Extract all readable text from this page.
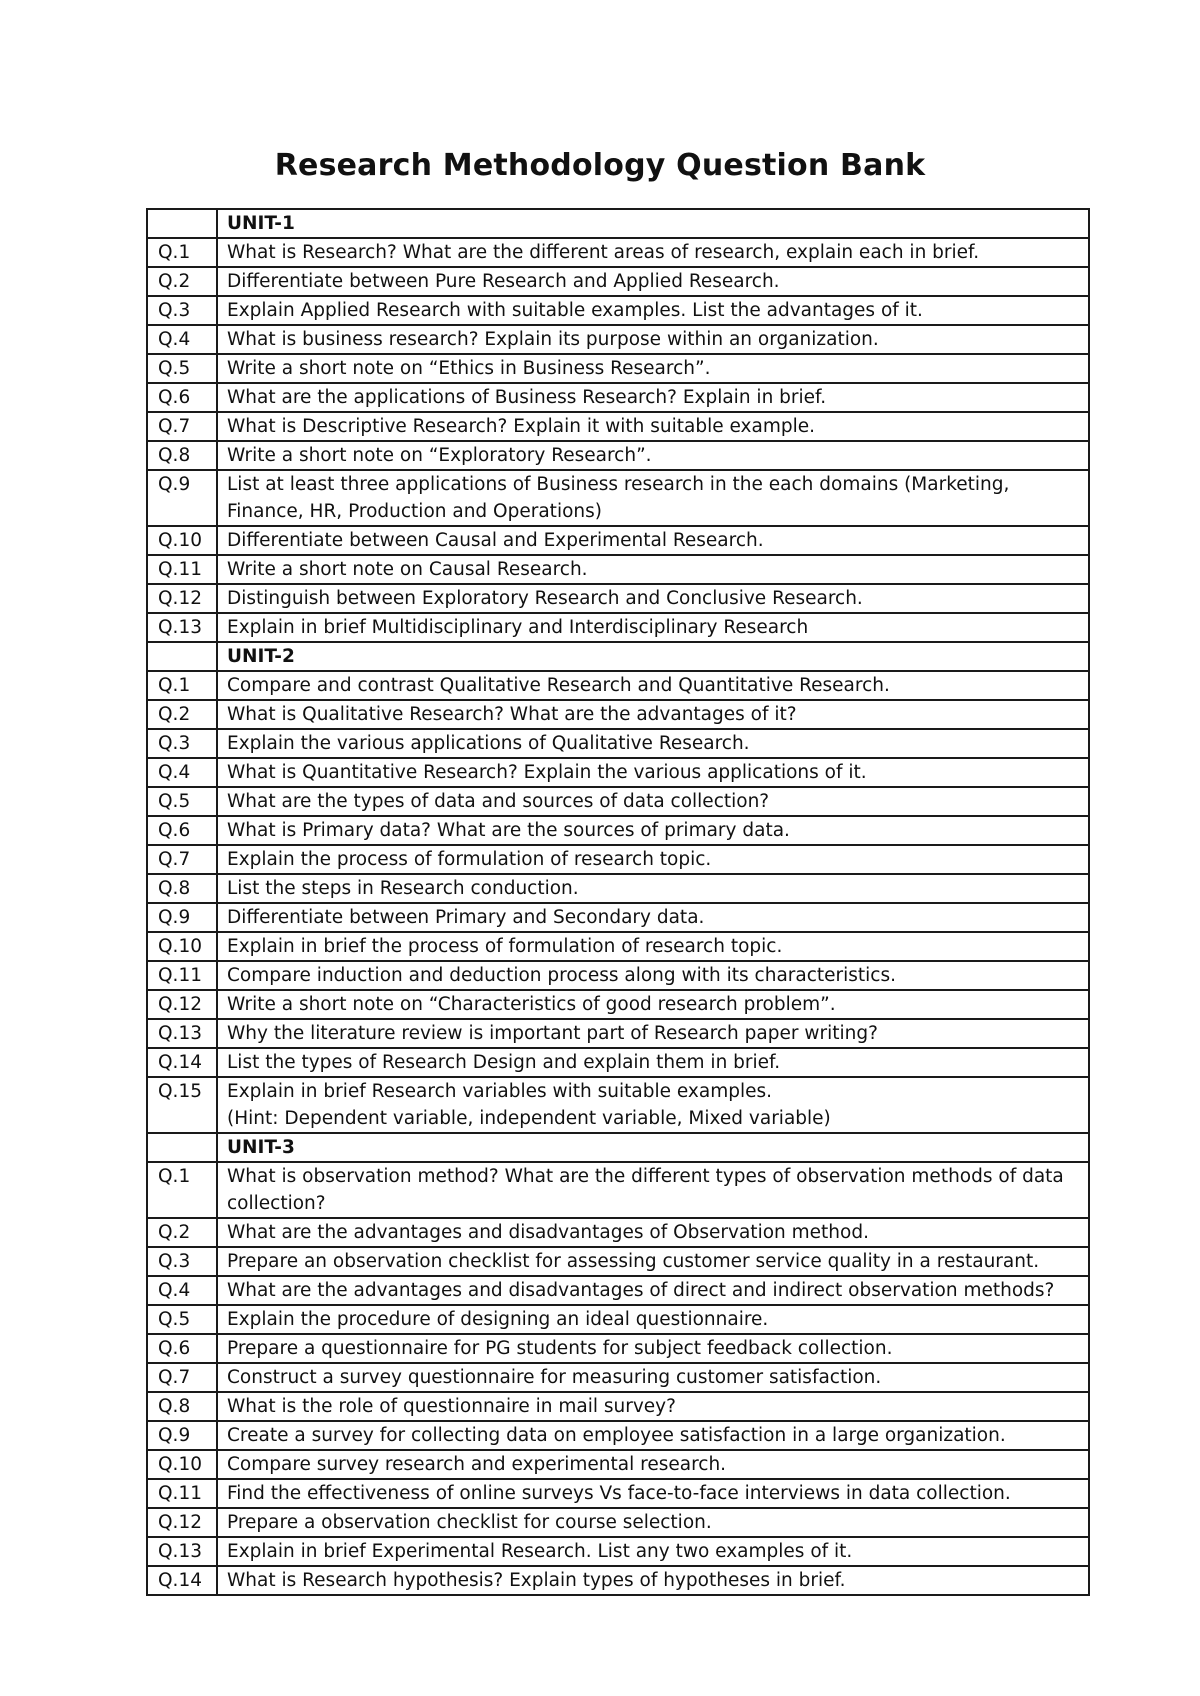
Research Methodology Question Bank
	UNIT-1
Q.1	What is Research? What are the different areas of research, explain each in brief.
Q.2	Differentiate between Pure Research and Applied Research.
Q.3	Explain Applied Research with suitable examples. List the advantages of it.
Q.4	What is business research? Explain its purpose within an organization.
Q.5	Write a short note on “Ethics in Business Research”.
Q.6	What are the applications of Business Research? Explain in brief.
Q.7	What is Descriptive Research? Explain it with suitable example.
Q.8	Write a short note on “Exploratory Research”.
Q.9	List at least three applications of Business research in the each domains (Marketing, Finance, HR, Production and Operations)
Q.10	Differentiate between Causal and Experimental Research.
Q.11	Write a short note on Causal Research.
Q.12	Distinguish between Exploratory Research and Conclusive Research.
Q.13	Explain in brief Multidisciplinary and Interdisciplinary Research
	UNIT-2
Q.1	Compare and contrast Qualitative Research and Quantitative Research.
Q.2	What is Qualitative Research? What are the advantages of it?
Q.3	Explain the various applications of Qualitative Research.
Q.4	What is Quantitative Research? Explain the various applications of it.
Q.5	What are the types of data and sources of data collection?
Q.6	What is Primary data? What are the sources of primary data.
Q.7	Explain the process of formulation of research topic.
Q.8	List the steps in Research conduction.
Q.9	Differentiate between Primary and Secondary data.
Q.10	Explain in brief the process of formulation of research topic.
Q.11	Compare induction and deduction process along with its characteristics.
Q.12	Write a short note on “Characteristics of good research problem”.
Q.13	Why the literature review is important part of Research paper writing?
Q.14	List the types of Research Design and explain them in brief.
Q.15	Explain in brief Research variables with suitable examples.
(Hint: Dependent variable, independent variable, Mixed variable)

	UNIT-3
Q.1	What is observation method? What are the different types of observation methods of data collection?
Q.2	What are the advantages and disadvantages of Observation method.
Q.3	Prepare an observation checklist for assessing customer service quality in a restaurant.
Q.4	What are the advantages and disadvantages of direct and indirect observation methods?
Q.5	Explain the procedure of designing an ideal questionnaire.
Q.6	Prepare a questionnaire for PG students for subject feedback collection.
Q.7	Construct a survey questionnaire for measuring customer satisfaction.
Q.8	What is the role of questionnaire in mail survey?
Q.9	Create a survey for collecting data on employee satisfaction in a large organization.
Q.10	Compare survey research and experimental research.
Q.11	Find the effectiveness of online surveys Vs face-to-face interviews in data collection.
Q.12	Prepare a observation checklist for course selection.
Q.13	Explain in brief Experimental Research. List any two examples of it.
Q.14	What is Research hypothesis? Explain types of hypotheses in brief.
